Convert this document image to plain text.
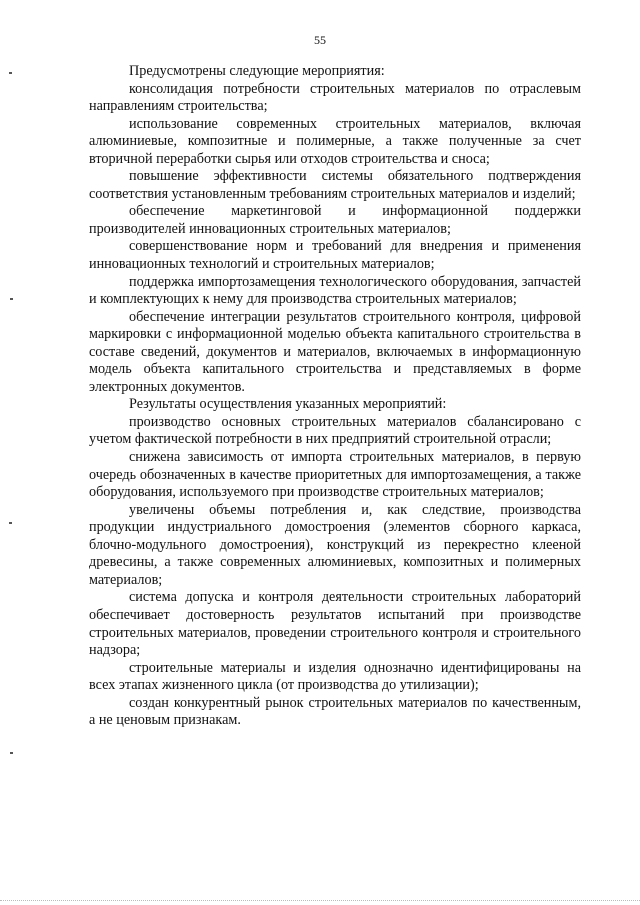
55

Предусмотрены следующие мероприятия:

консолидация потребности строительных материалов по отраслевым направлениям строительства;

использование современных строительных материалов, включая алюминиевые, композитные и полимерные, а также полученные за счет вторичной переработки сырья или отходов строительства и сноса;

повышение эффективности системы обязательного подтверждения соответствия установленным требованиям строительных материалов и изделий;

обеспечение маркетинговой и информационной поддержки производителей инновационных строительных материалов;

совершенствование норм и требований для внедрения и применения инновационных технологий и строительных материалов;

поддержка импортозамещения технологического оборудования, запчастей и комплектующих к нему для производства строительных материалов;

обеспечение интеграции результатов строительного контроля, цифровой маркировки с информационной моделью объекта капитального строительства в составе сведений, документов и материалов, включаемых в информационную модель объекта капитального строительства и представляемых в форме электронных документов.

Результаты осуществления указанных мероприятий:

производство основных строительных материалов сбалансировано с учетом фактической потребности в них предприятий строительной отрасли;

снижена зависимость от импорта строительных материалов, в первую очередь обозначенных в качестве приоритетных для импортозамещения, а также оборудования, используемого при производстве строительных материалов;

увеличены объемы потребления и, как следствие, производства продукции индустриального домостроения (элементов сборного каркаса, блочно-модульного домостроения), конструкций из перекрестно клееной древесины, а также современных алюминиевых, композитных и полимерных материалов;

система допуска и контроля деятельности строительных лабораторий обеспечивает достоверность результатов испытаний при производстве строительных материалов, проведении строительного контроля и строительного надзора;

строительные материалы и изделия однозначно идентифицированы на всех этапах жизненного цикла (от производства до утилизации);

создан конкурентный рынок строительных материалов по качественным, а не ценовым признакам.
